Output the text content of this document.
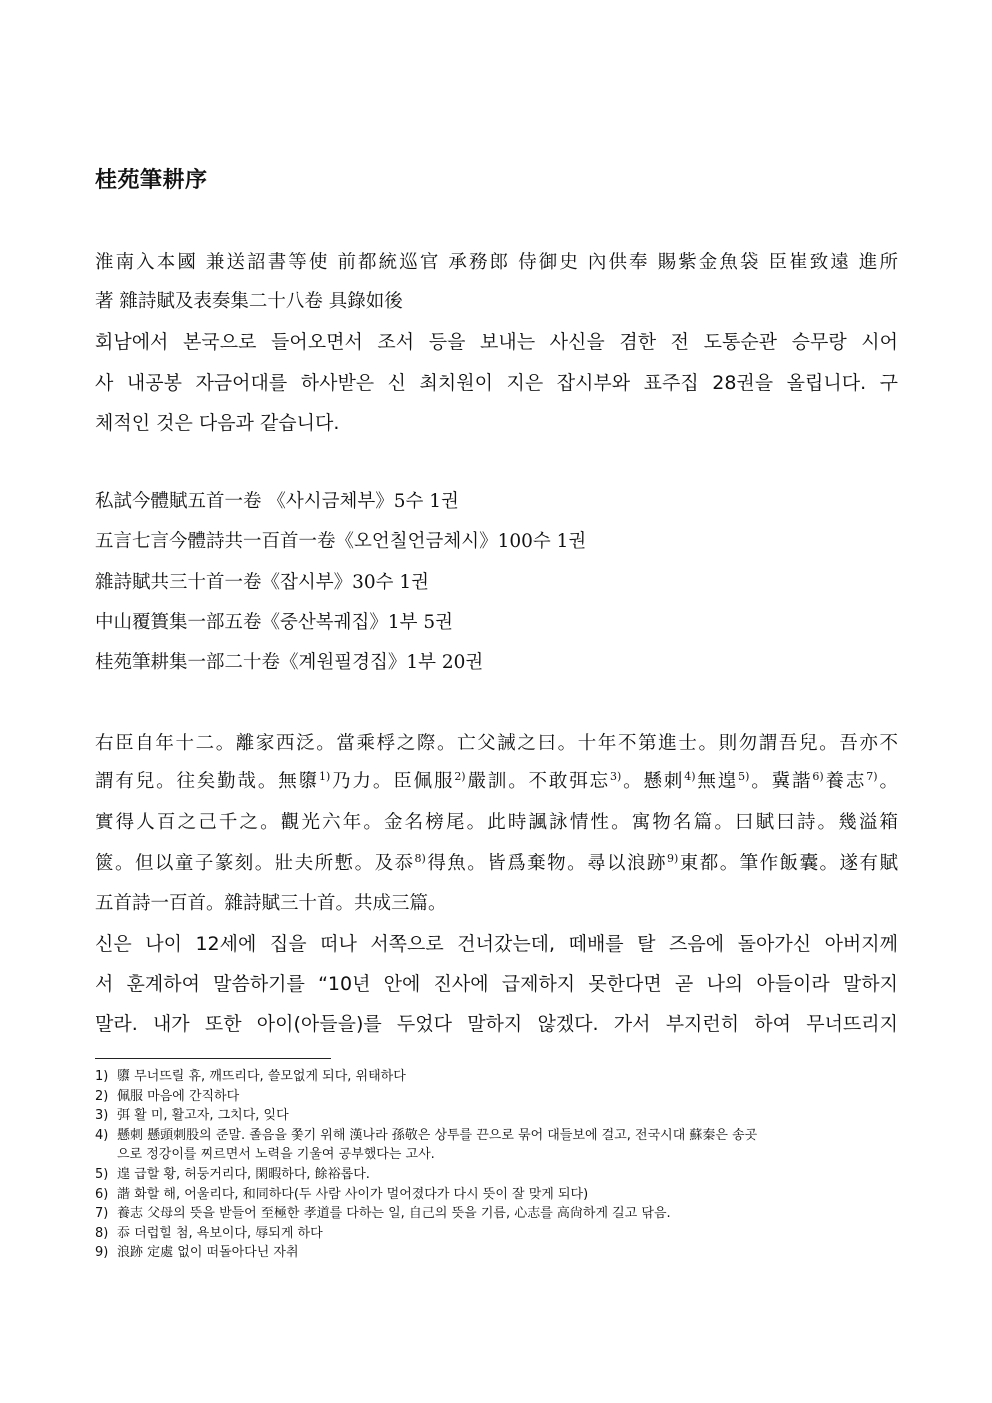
桂苑筆耕序
淮南入本國 兼送詔書等使 前都統巡官 承務郎 侍御史 內供奉 賜紫金魚袋 臣崔致遠 進所
著 雜詩賦及表奏集二十八卷 具錄如後
회남에서 본국으로 들어오면서 조서 등을 보내는 사신을 겸한 전 도통순관 승무랑 시어
사 내공봉 자금어대를 하사받은 신 최치원이 지은 잡시부와 표주집 28권을 올립니다. 구
체적인 것은 다음과 같습니다.
私試今體賦五首一卷 《사시금체부》5수 1권
五言七言今體詩共一百首一卷《오언칠언금체시》100수 1권
雜詩賦共三十首一卷《잡시부》30수 1권
中山覆簣集一部五卷《중산복궤집》1부 5권
桂苑筆耕集一部二十卷《계원필경집》1부 20권
右臣自年十二。離家西泛。當乘桴之際。亡父誡之曰。十年不第進士。則勿謂吾兒。吾亦不
謂有兒。往矣勤哉。無隳$^{1)}$乃力。臣佩服$^{2)}$嚴訓。不敢弭忘$^{3)}$。懸刺$^{4)}$無遑$^{5)}$。冀諧$^{6)}$養志$^{7)}$。
實得人百之己千之。觀光六年。金名榜尾。此時諷詠情性。寓物名篇。曰賦曰詩。幾溢箱
篋。但以童子篆刻。壯夫所慙。及忝$^{8)}$得魚。皆爲棄物。尋以浪跡$^{9)}$東都。筆作飯囊。遂有賦
五首詩一百首。雜詩賦三十首。共成三篇。
신은 나이 12세에 집을 떠나 서쪽으로 건너갔는데, 떼배를 탈 즈음에 돌아가신 아버지께
서 훈계하여 말씀하기를 “10년 안에 진사에 급제하지 못한다면 곧 나의 아들이라 말하지
말라. 내가 또한 아이(아들을)를 두었다 말하지 않겠다. 가서 부지런히 하여 무너뜨리지
1) 隳 무너뜨릴 휴, 깨뜨리다, 쓸모없게 되다, 위태하다
2) 佩服 마음에 간직하다
3) 弭 활 미, 활고자, 그치다, 잊다
4) 懸刺 懸頭刺股의 준말. 졸음을 쫓기 위해 漢나라 孫敬은 상투를 끈으로 묶어 대들보에 걸고, 전국시대 蘇秦은 송곳
으로 정강이를 찌르면서 노력을 기울여 공부했다는 고사.
5) 遑 급할 황, 허둥거리다, 閑暇하다, 餘裕롭다.
6) 諧 화할 해, 어울리다, 和同하다(두 사람 사이가 멀어졌다가 다시 뜻이 잘 맞게 되다)
7) 養志 父母의 뜻을 받들어 至極한 孝道를 다하는 일, 自己의 뜻을 기름, 心志를 高尙하게 길고 닦음.
8) 忝 더럽힐 첨, 욕보이다, 辱되게 하다
9) 浪跡 定處 없이 떠돌아다닌 자취
